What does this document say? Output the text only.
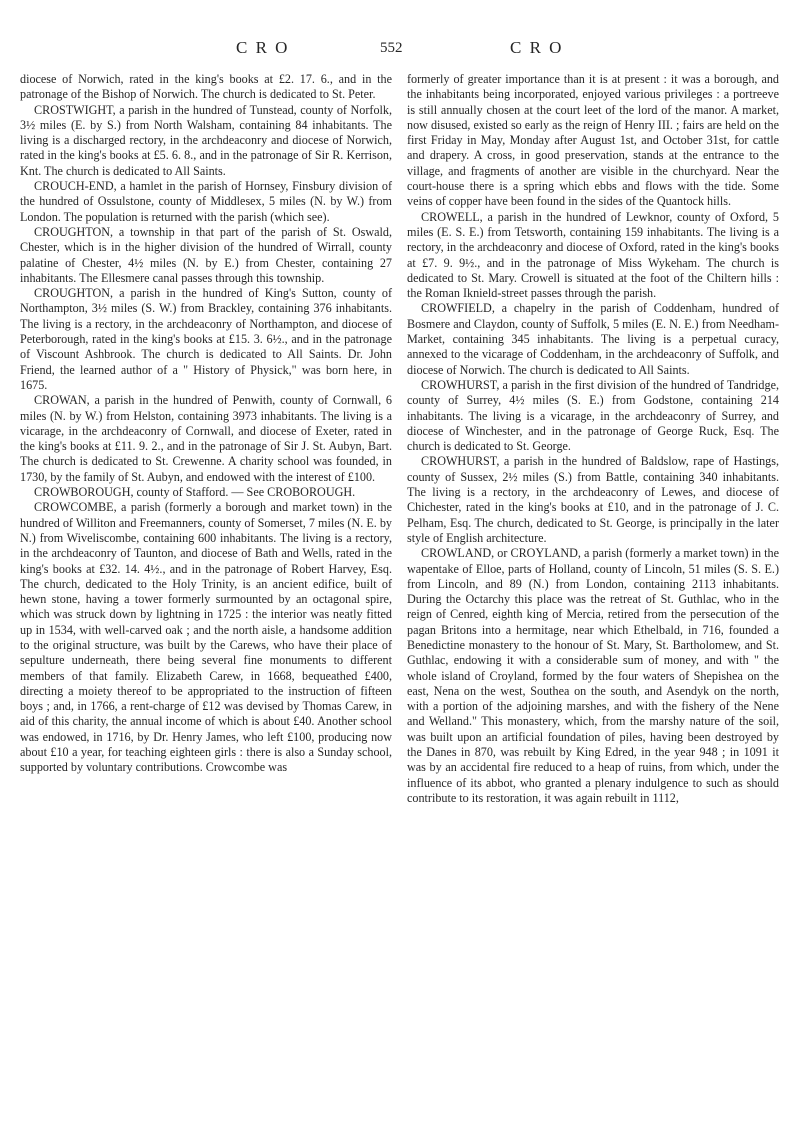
C R O	552	C R O

diocese of Norwich, rated in the king's books at £2. 17. 6., and in the patronage of the Bishop of Norwich. The church is dedicated to St. Peter.

CROSTWIGHT, a parish in the hundred of Tunstead, county of Norfolk, 3½ miles (E. by S.) from North Walsham, containing 84 inhabitants. The living is a discharged rectory, in the archdeaconry and diocese of Norwich, rated in the king's books at £5. 6. 8., and in the patronage of Sir R. Kerrison, Knt. The church is dedicated to All Saints.

CROUCH-END, a hamlet in the parish of Hornsey, Finsbury division of the hundred of Ossulstone, county of Middlesex, 5 miles (N. by W.) from London. The population is returned with the parish (which see).

CROUGHTON, a township in that part of the parish of St. Oswald, Chester, which is in the higher division of the hundred of Wirrall, county palatine of Chester, 4½ miles (N. by E.) from Chester, containing 27 inhabitants. The Ellesmere canal passes through this township.

CROUGHTON, a parish in the hundred of King's Sutton, county of Northampton, 3½ miles (S. W.) from Brackley, containing 376 inhabitants. The living is a rectory, in the archdeaconry of Northampton, and diocese of Peterborough, rated in the king's books at £15. 3. 6½., and in the patronage of Viscount Ashbrook. The church is dedicated to All Saints. Dr. John Friend, the learned author of a " History of Physick," was born here, in 1675.

CROWAN, a parish in the hundred of Penwith, county of Cornwall, 6 miles (N. by W.) from Helston, containing 3973 inhabitants. The living is a vicarage, in the archdeaconry of Cornwall, and diocese of Exeter, rated in the king's books at £11. 9. 2., and in the patronage of Sir J. St. Aubyn, Bart. The church is dedicated to St. Crewenne. A charity school was founded, in 1730, by the family of St. Aubyn, and endowed with the interest of £100.

CROWBOROUGH, county of Stafford. — See CROBOROUGH.

CROWCOMBE, a parish (formerly a borough and market town) in the hundred of Williton and Freemanners, county of Somerset, 7 miles (N. E. by N.) from Wiveliscombe, containing 600 inhabitants. The living is a rectory, in the archdeaconry of Taunton, and diocese of Bath and Wells, rated in the king's books at £32. 14. 4½., and in the patronage of Robert Harvey, Esq. The church, dedicated to the Holy Trinity, is an ancient edifice, built of hewn stone, having a tower formerly surmounted by an octagonal spire, which was struck down by lightning in 1725 : the interior was neatly fitted up in 1534, with well-carved oak ; and the north aisle, a handsome addition to the original structure, was built by the Carews, who have their place of sepulture underneath, there being several fine monuments to different members of that family. Elizabeth Carew, in 1668, bequeathed £400, directing a moiety thereof to be appropriated to the instruction of fifteen boys ; and, in 1766, a rent-charge of £12 was devised by Thomas Carew, in aid of this charity, the annual income of which is about £40. Another school was endowed, in 1716, by Dr. Henry James, who left £100, producing now about £10 a year, for teaching eighteen girls : there is also a Sunday school, supported by voluntary contributions. Crowcombe was

formerly of greater importance than it is at present : it was a borough, and the inhabitants being incorporated, enjoyed various privileges : a portreeve is still annually chosen at the court leet of the lord of the manor. A market, now disused, existed so early as the reign of Henry III. ; fairs are held on the first Friday in May, Monday after August 1st, and October 31st, for cattle and drapery. A cross, in good preservation, stands at the entrance to the village, and fragments of another are visible in the churchyard. Near the court-house there is a spring which ebbs and flows with the tide. Some veins of copper have been found in the sides of the Quantock hills.

CROWELL, a parish in the hundred of Lewknor, county of Oxford, 5 miles (E. S. E.) from Tetsworth, containing 159 inhabitants. The living is a rectory, in the archdeaconry and diocese of Oxford, rated in the king's books at £7. 9. 9½., and in the patronage of Miss Wykeham. The church is dedicated to St. Mary. Crowell is situated at the foot of the Chiltern hills : the Roman Iknield-street passes through the parish.

CROWFIELD, a chapelry in the parish of Coddenham, hundred of Bosmere and Claydon, county of Suffolk, 5 miles (E. N. E.) from Needham-Market, containing 345 inhabitants. The living is a perpetual curacy, annexed to the vicarage of Coddenham, in the archdeaconry of Suffolk, and diocese of Norwich. The church is dedicated to All Saints.

CROWHURST, a parish in the first division of the hundred of Tandridge, county of Surrey, 4½ miles (S. E.) from Godstone, containing 214 inhabitants. The living is a vicarage, in the archdeaconry of Surrey, and diocese of Winchester, and in the patronage of George Ruck, Esq. The church is dedicated to St. George.

CROWHURST, a parish in the hundred of Baldslow, rape of Hastings, county of Sussex, 2½ miles (S.) from Battle, containing 340 inhabitants. The living is a rectory, in the archdeaconry of Lewes, and diocese of Chichester, rated in the king's books at £10, and in the patronage of J. C. Pelham, Esq. The church, dedicated to St. George, is principally in the later style of English architecture.

CROWLAND, or CROYLAND, a parish (formerly a market town) in the wapentake of Elloe, parts of Holland, county of Lincoln, 51 miles (S. S. E.) from Lincoln, and 89 (N.) from London, containing 2113 inhabitants. During the Octarchy this place was the retreat of St. Guthlac, who in the reign of Cenred, eighth king of Mercia, retired from the persecution of the pagan Britons into a hermitage, near which Ethelbald, in 716, founded a Benedictine monastery to the honour of St. Mary, St. Bartholomew, and St. Guthlac, endowing it with a considerable sum of money, and with " the whole island of Croyland, formed by the four waters of Shepishea on the east, Nena on the west, Southea on the south, and Asendyk on the north, with a portion of the adjoining marshes, and with the fishery of the Nene and Welland." This monastery, which, from the marshy nature of the soil, was built upon an artificial foundation of piles, having been destroyed by the Danes in 870, was rebuilt by King Edred, in the year 948 ; in 1091 it was by an accidental fire reduced to a heap of ruins, from which, under the influence of its abbot, who granted a plenary indulgence to such as should contribute to its restoration, it was again rebuilt in 1112,
